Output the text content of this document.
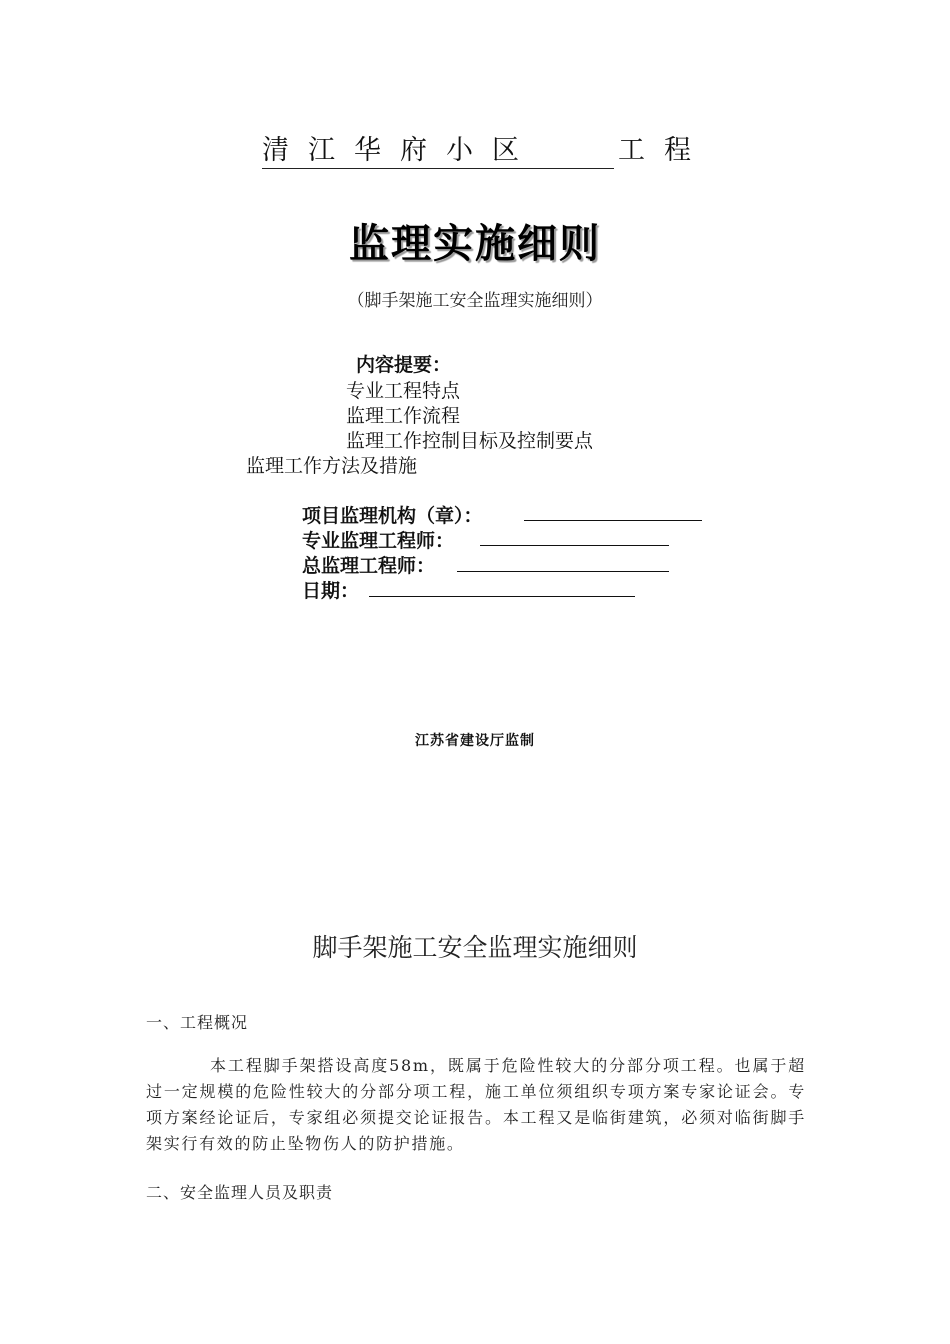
清江华府小区	工程
监理实施细则
（脚手架施工安全监理实施细则）
内容提要：
专业工程特点
监理工作流程
监理工作控制目标及控制要点
监理工作方法及措施
项目监理机构（章）：
专业监理工程师：
总监理工程师：
日期：
江苏省建设厅监制
脚手架施工安全监理实施细则
一、工程概况
本工程脚手架搭设高度58m，既属于危险性较大的分部分项工程。也属于超过一定规模的危险性较大的分部分项工程，施工单位须组织专项方案专家论证会。专项方案经论证后，专家组必须提交论证报告。本工程又是临街建筑，必须对临街脚手架实行有效的防止坠物伤人的防护措施。
二、安全监理人员及职责
